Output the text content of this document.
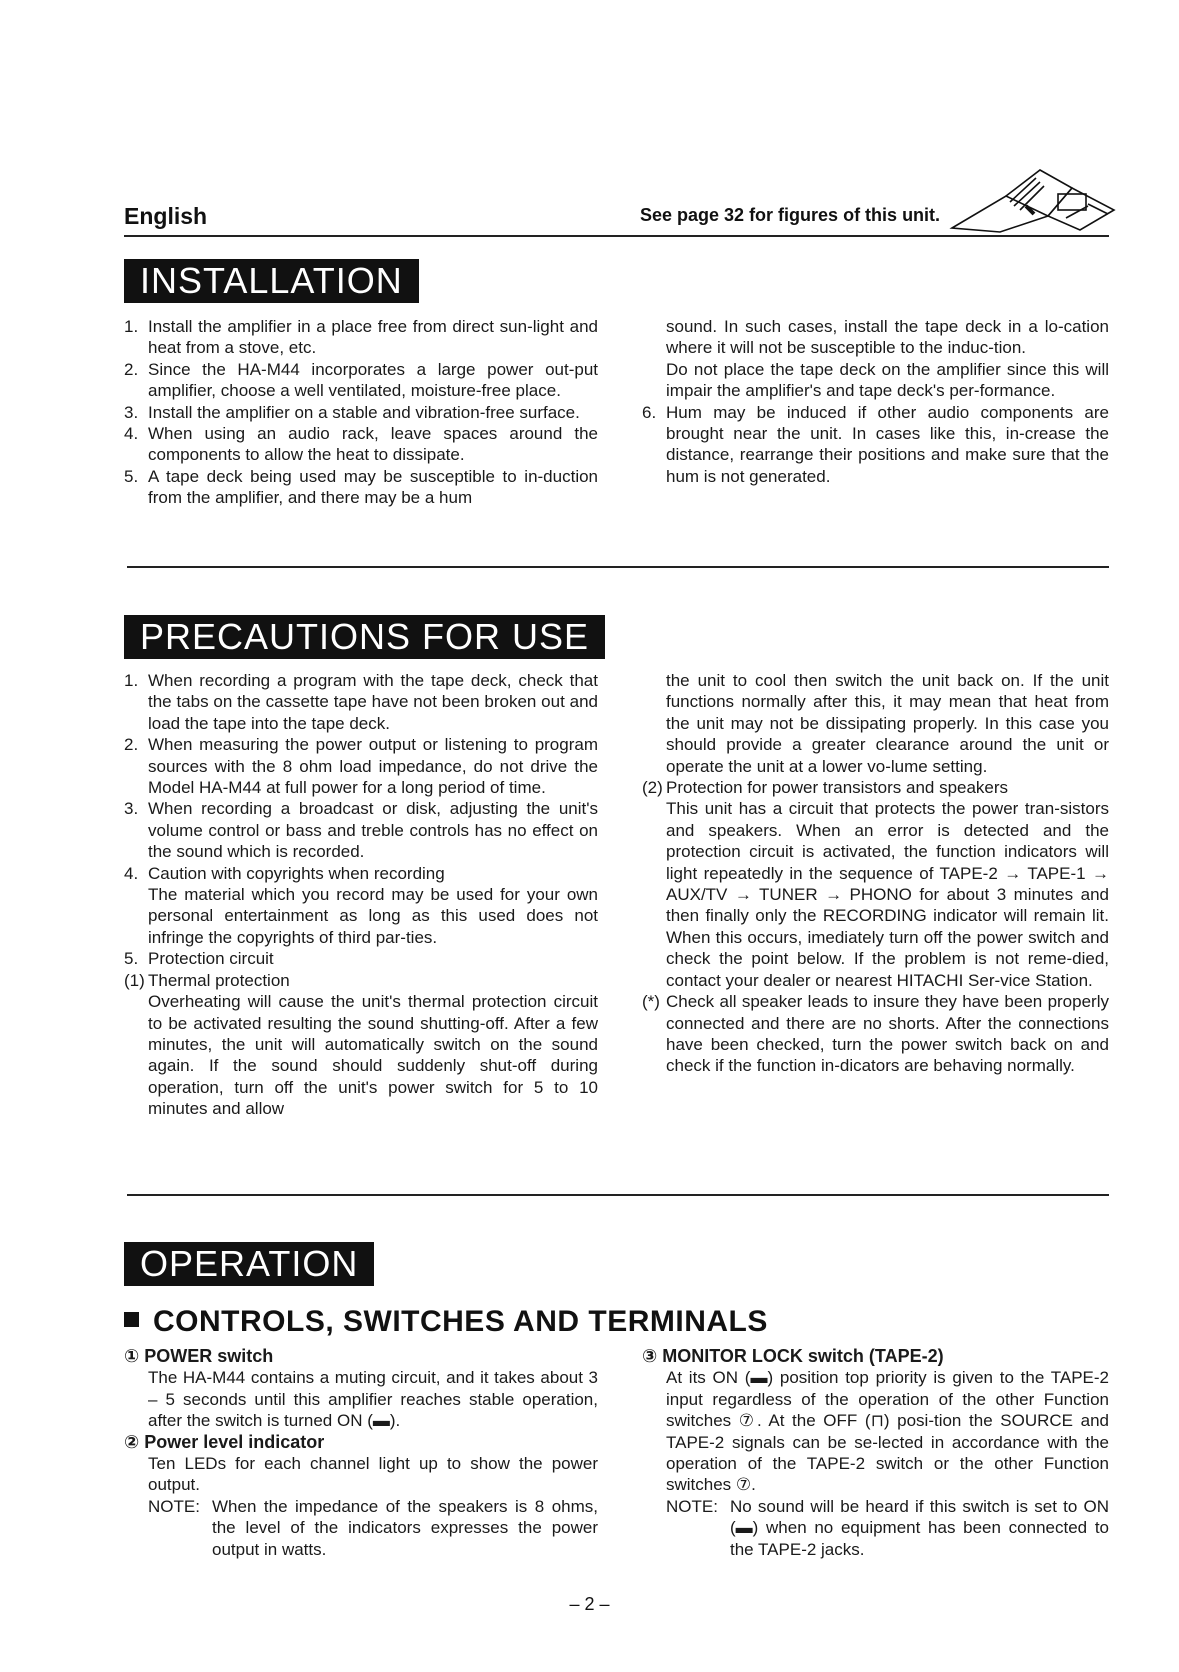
English	See page 32 for figures of this unit.
INSTALLATION
1. Install the amplifier in a place free from direct sun-light and heat from a stove, etc.
2. Since the HA-M44 incorporates a large power out-put amplifier, choose a well ventilated, moisture-free place.
3. Install the amplifier on a stable and vibration-free surface.
4. When using an audio rack, leave spaces around the components to allow the heat to dissipate.
5. A tape deck being used may be susceptible to in-duction from the amplifier, and there may be a hum

sound. In such cases, install the tape deck in a lo-cation where it will not be susceptible to the induc-tion.

Do not place the tape deck on the amplifier since this will impair the amplifier's and tape deck's per-formance.

6. Hum may be induced if other audio components are brought near the unit. In cases like this, in-crease the distance, rearrange their positions and make sure that the hum is not generated.
PRECAUTIONS FOR USE
1. When recording a program with the tape deck, check that the tabs on the cassette tape have not been broken out and load the tape into the tape deck.
2. When measuring the power output or listening to program sources with the 8 ohm load impedance, do not drive the Model HA-M44 at full power for a long period of time.
3. When recording a broadcast or disk, adjusting the unit's volume control or bass and treble controls has no effect on the sound which is recorded.
4. Caution with copyrights when recording

The material which you record may be used for your own personal entertainment as long as this used does not infringe the copyrights of third par-ties.

5. Protection circuit
(1) Thermal protection

Overheating will cause the unit's thermal protection circuit to be activated resulting the sound shutting-off. After a few minutes, the unit will automatically switch on the sound again. If the sound should suddenly shut-off during operation, turn off the unit's power switch for 5 to 10 minutes and allow

the unit to cool then switch the unit back on. If the unit functions normally after this, it may mean that heat from the unit may not be dissipating properly. In this case you should provide a greater clearance around the unit or operate the unit at a lower vo-lume setting.

(2) Protection for power transistors and speakers

This unit has a circuit that protects the power tran-sistors and speakers. When an error is detected and the protection circuit is activated, the function indicators will light repeatedly in the sequence of TAPE-2 → TAPE-1 → AUX/TV → TUNER → PHONO for about 3 minutes and then finally only the RECORDING indicator will remain lit. When this occurs, imediately turn off the power switch and check the point below. If the problem is not reme-died, contact your dealer or nearest HITACHI Ser-vice Station.

(*) Check all speaker leads to insure they have been properly connected and there are no shorts. After the connections have been checked, turn the power switch back on and check if the function in-dicators are behaving normally.
OPERATION
CONTROLS, SWITCHES AND TERMINALS

① POWER switch

The HA-M44 contains a muting circuit, and it takes about 3 – 5 seconds until this amplifier reaches stable operation, after the switch is turned ON (▬).

② Power level indicator

Ten LEDs for each channel light up to show the power output.

NOTE: When the impedance of the speakers is 8 ohms, the level of the indicators expresses the power output in watts.

③ MONITOR LOCK switch (TAPE-2)

At its ON (▬) position top priority is given to the TAPE-2 input regardless of the operation of the other Function switches ⑦. At the OFF (⊓) posi-tion the SOURCE and TAPE-2 signals can be se-lected in accordance with the operation of the TAPE-2 switch or the other Function switches ⑦.

NOTE: No sound will be heard if this switch is set to ON (▬) when no equipment has been connected to the TAPE-2 jacks.
– 2 –
